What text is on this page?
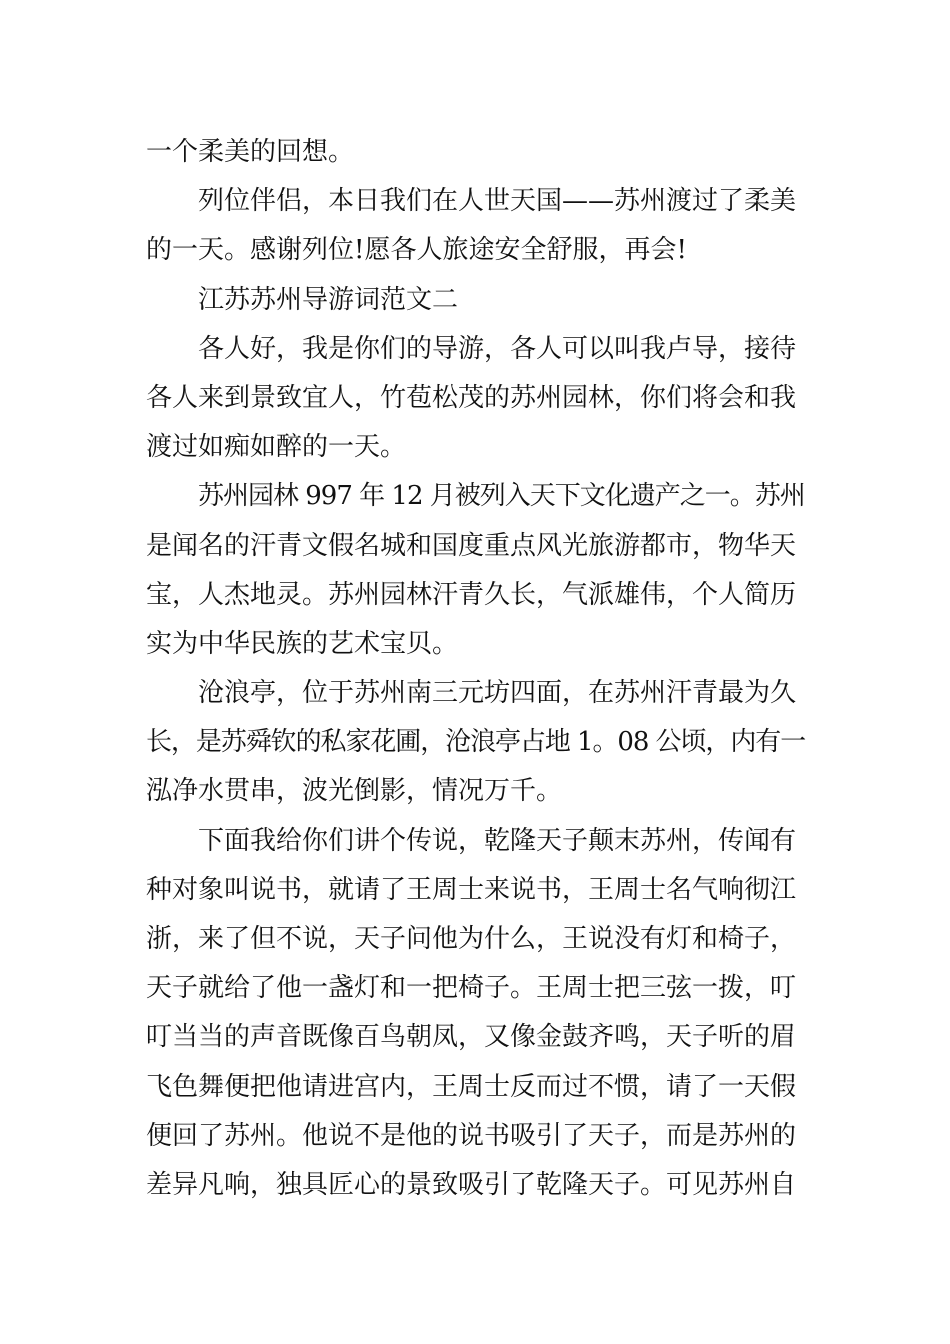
一个柔美的回想。
列位伴侣，本日我们在人世天国——苏州渡过了柔美
的一天。感谢列位!愿各人旅途安全舒服，再会!
江苏苏州导游词范文二
各人好，我是你们的导游，各人可以叫我卢导，接待
各人来到景致宜人，竹苞松茂的苏州园林，你们将会和我
渡过如痴如醉的一天。
苏州园林 997 年 12 月被列入天下文化遗产之一。苏州
是闻名的汗青文假名城和国度重点风光旅游都市，物华天
宝，人杰地灵。苏州园林汗青久长，气派雄伟，个人简历
实为中华民族的艺术宝贝。
沧浪亭，位于苏州南三元坊四面，在苏州汗青最为久
长，是苏舜钦的私家花圃，沧浪亭占地 1。08 公顷，内有一
泓净水贯串，波光倒影，情况万千。
下面我给你们讲个传说，乾隆天子颠末苏州，传闻有
种对象叫说书，就请了王周士来说书，王周士名气响彻江
浙，来了但不说，天子问他为什么，王说没有灯和椅子，
天子就给了他一盏灯和一把椅子。王周士把三弦一拨，叮
叮当当的声音既像百鸟朝凤，又像金鼓齐鸣，天子听的眉
飞色舞便把他请进宫内，王周士反而过不惯，请了一天假
便回了苏州。他说不是他的说书吸引了天子，而是苏州的
差异凡响，独具匠心的景致吸引了乾隆天子。可见苏州自
